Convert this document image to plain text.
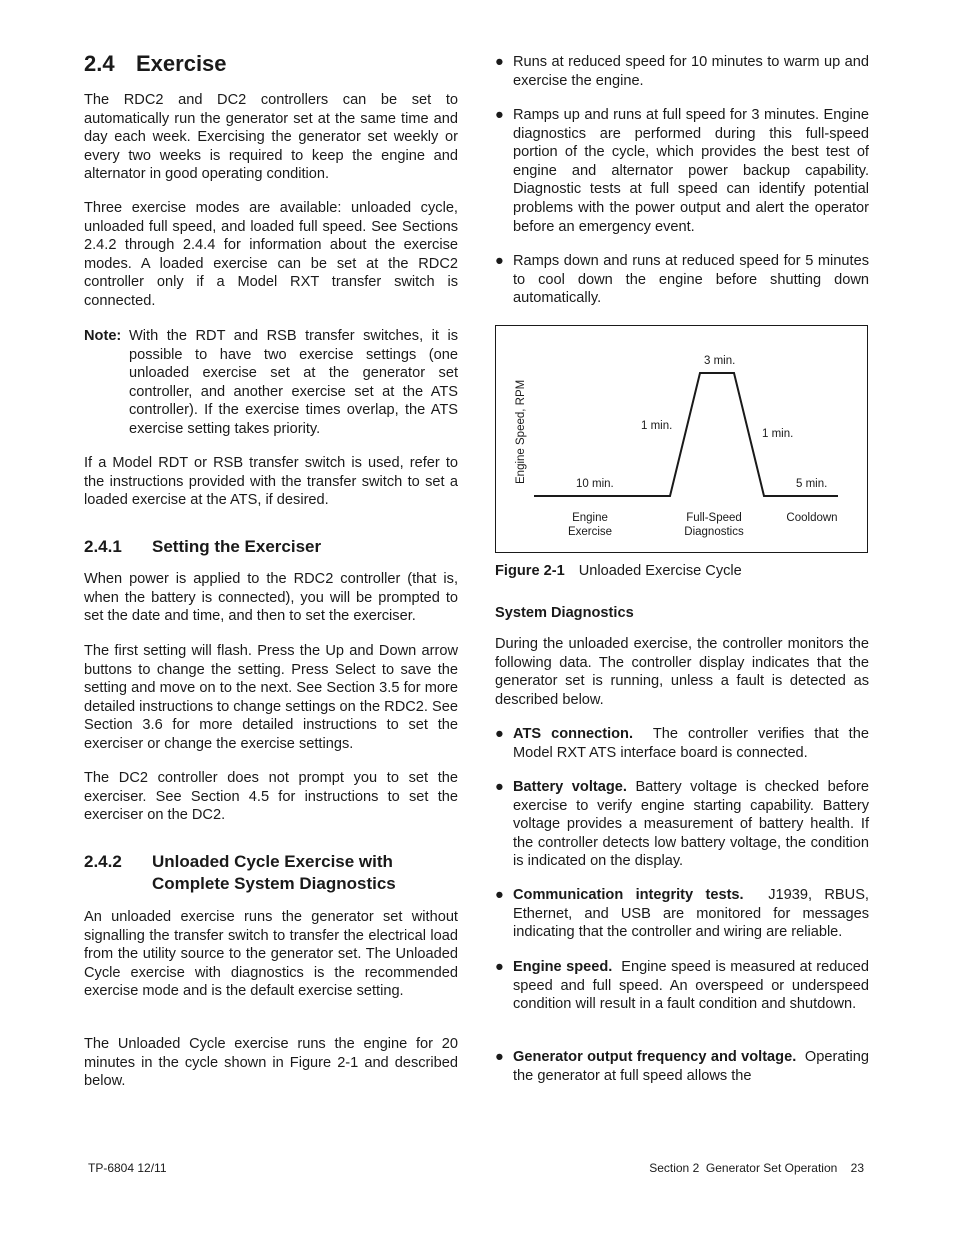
2.4 Exercise

The RDC2 and DC2 controllers can be set to automatically run the generator set at the same time and day each week. Exercising the generator set weekly or every two weeks is required to keep the engine and alternator in good operating condition.

Three exercise modes are available: unloaded cycle, unloaded full speed, and loaded full speed. See Sections 2.4.2 through 2.4.4 for information about the exercise modes. A loaded exercise can be set at the RDC2 controller only if a Model RXT transfer switch is connected.

Note: With the RDT and RSB transfer switches, it is possible to have two exercise settings (one unloaded exercise set at the generator set controller, and another exercise set at the ATS controller). If the exercise times overlap, the ATS exercise setting takes priority.

If a Model RDT or RSB transfer switch is used, refer to the instructions provided with the transfer switch to set a loaded exercise at the ATS, if desired.

2.4.1 Setting the Exerciser

When power is applied to the RDC2 controller (that is, when the battery is connected), you will be prompted to set the date and time, and then to set the exerciser.

The first setting will flash. Press the Up and Down arrow buttons to change the setting. Press Select to save the setting and move on to the next. See Section 3.5 for more detailed instructions to change settings on the RDC2. See Section 3.6 for more detailed instructions to set the exerciser or change the exercise settings.

The DC2 controller does not prompt you to set the exerciser. See Section 4.5 for instructions to set the exerciser on the DC2.

2.4.2 Unloaded Cycle Exercise with Complete System Diagnostics

An unloaded exercise runs the generator set without signalling the transfer switch to transfer the electrical load from the utility source to the generator set. The Unloaded Cycle exercise with diagnostics is the recommended exercise mode and is the default exercise setting.

The Unloaded Cycle exercise runs the engine for 20 minutes in the cycle shown in Figure 2-1 and described below.

● Runs at reduced speed for 10 minutes to warm up and exercise the engine.

● Ramps up and runs at full speed for 3 minutes. Engine diagnostics are performed during this full-speed portion of the cycle, which provides the best test of engine and alternator power backup capability. Diagnostic tests at full speed can identify potential problems with the power output and alert the operator before an emergency event.

● Ramps down and runs at reduced speed for 5 minutes to cool down the engine before shutting down automatically.

Engine Speed, RPM	10 min.
1 min.
3 min.
1 min.
5 min.
Engine
Exercise
Full-Speed
Diagnostics
Cooldown
Figure 2-1 Unloaded Exercise Cycle
System Diagnostics

During the unloaded exercise, the controller monitors the following data. The controller display indicates that the generator set is running, unless a fault is detected as described below.

● ATS connection. The controller verifies that the Model RXT ATS interface board is connected.

● Battery voltage. Battery voltage is checked before exercise to verify engine starting capability. Battery voltage provides a measurement of battery health. If the controller detects low battery voltage, the condition is indicated on the display.

● Communication integrity tests. J1939, RBUS, Ethernet, and USB are monitored for messages indicating that the controller and wiring are reliable.

● Engine speed. Engine speed is measured at reduced speed and full speed. An overspeed or underspeed condition will result in a fault condition and shutdown.

● Generator output frequency and voltage. Operating the generator at full speed allows the

TP-6804 12/11	Section 2  Generator Set Operation    23
